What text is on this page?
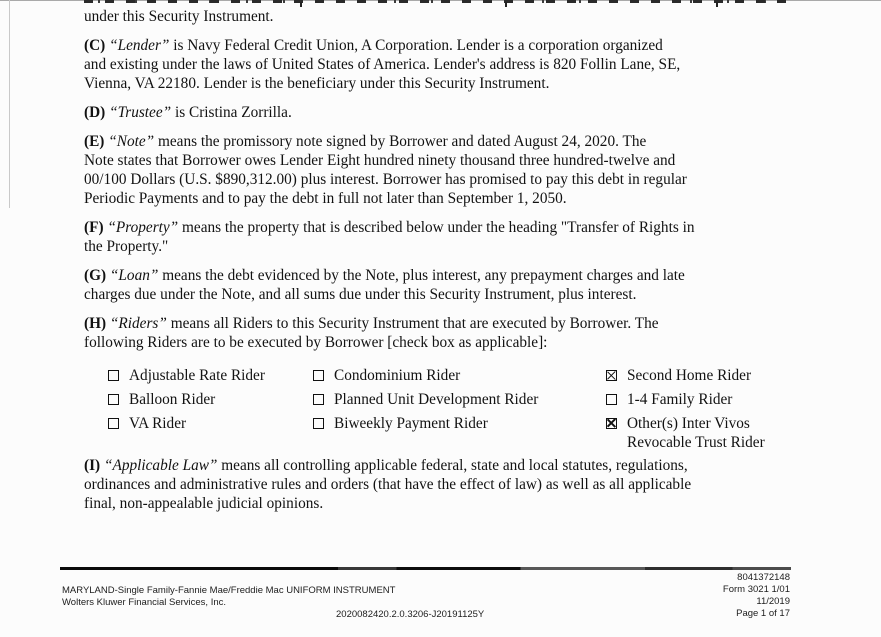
under this Security Instrument.
(C) “Lender” is Navy Federal Credit Union, A Corporation. Lender is a corporation organized
and existing under the laws of United States of America. Lender's address is 820 Follin Lane, SE,
Vienna, VA 22180. Lender is the beneficiary under this Security Instrument.
(D) “Trustee” is Cristina Zorrilla.
(E) “Note” means the promissory note signed by Borrower and dated August 24, 2020. The
Note states that Borrower owes Lender Eight hundred ninety thousand three hundred-twelve and
00/100 Dollars (U.S. $890,312.00) plus interest. Borrower has promised to pay this debt in regular
Periodic Payments and to pay the debt in full not later than September 1, 2050.
(F) “Property” means the property that is described below under the heading "Transfer of Rights in
the Property."
(G) “Loan” means the debt evidenced by the Note, plus interest, any prepayment charges and late
charges due under the Note, and all sums due under this Security Instrument, plus interest.
(H) “Riders” means all Riders to this Security Instrument that are executed by Borrower. The
following Riders are to be executed by Borrower [check box as applicable]:
Adjustable Rate Rider
Balloon Rider
VA Rider
Condominium Rider
Planned Unit Development Rider
Biweekly Payment Rider
Second Home Rider
1-4 Family Rider
Other(s) Inter Vivos
Revocable Trust Rider
(I) “Applicable Law” means all controlling applicable federal, state and local statutes, regulations,
ordinances and administrative rules and orders (that have the effect of law) as well as all applicable
final, non-appealable judicial opinions.
MARYLAND-Single Family-Fannie Mae/Freddie Mac UNIFORM INSTRUMENT
Wolters Kluwer Financial Services, Inc.
2020082420.2.0.3206-J20191125Y
8041372148
Form 3021 1/01
11/2019
Page 1 of 17
